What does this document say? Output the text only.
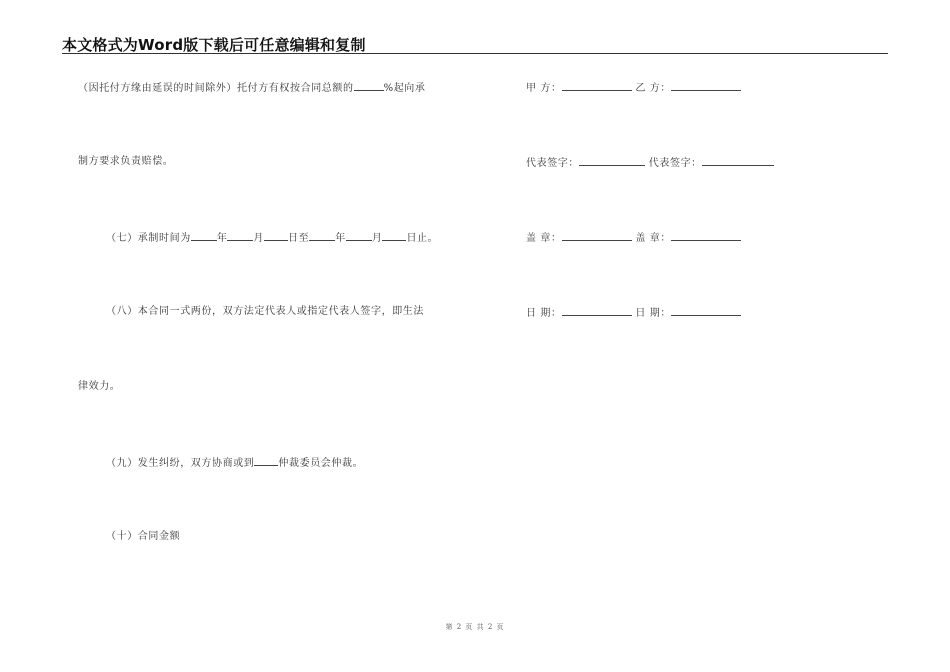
本文格式为Word版下载后可任意编辑和复制
（因托付方缘由延误的时间除外）托付方有权按合同总额的	%起向承
制方要求负责赔偿。
（七）承制时间为	年	月 日至	年	月 日止。
（八）本合同一式两份，双方法定代表人或指定代表人签字，即生法
律效力。
（九）发生纠纷，双方协商或到 仲裁委员会仲裁。
（十）合同金额
甲 方：	乙 方：
代表签字：	代表签字：
盖 章：	盖 章：
日 期：	日 期：
第 2 页 共 2 页
